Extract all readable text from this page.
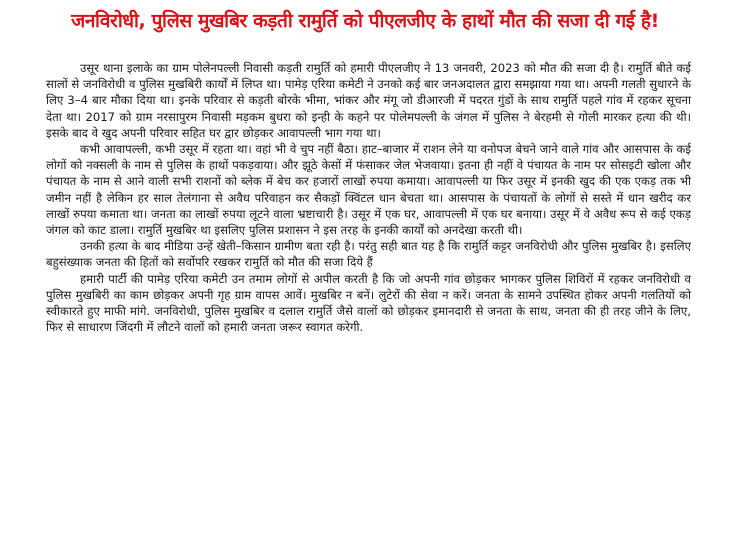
जनविरोधी, पुलिस मुखबिर कड़ती रामुर्ति को पीएलजीए के हाथों मौत की सजा दी गई है!

उसूर थाना इलाके का ग्राम पोलेनपल्ली निवासी कड़ती रामुर्ति को हमारी पीएलजीए ने 13 जनवरी, 2023 को मौत की सजा दी है। रामुर्ति बीते कई सालों से जनविरोधी व पुलिस मुखबिरी कार्यों में लिप्त था। पामेड़ एरिया कमेटी ने उनको कई बार जनअदालत द्वारा समझाया गया था। अपनी गलती सुधारने के लिए 3–4 बार मौका दिया था। इनके परिवार से कड़ती बोरके भीमा, भांकर और मंगू जो डीआरजी में पदरत गुंडों के साथ रामुर्ति पहले गांव में रहकर सूचना देता था। 2017 को ग्राम नरसापुरम निवासी मड़कम बुधरा को इन्ही के कहने पर पोलेमपल्ली के जंगल में पुलिस ने बेरहमी से गोली मारकर हत्या की थी। इसके बाद वे खुद अपनी परिवार सहित घर द्वार छोड़कर आवापल्ली भाग गया था।

कभी आवापल्ली, कभी उसूर में रहता था। वहां भी वे चुप नहीं बैठा। हाट–बाजार में राशन लेने या वनोपज बेचने जाने वाले गांव और आसपास के कई लोगों को नक्सली के नाम से पुलिस के हाथों पकड़वाया। और झूठे केसों में फंसाकर जेल भेजवाया। इतना ही नहीं वे पंचायत के नाम पर सोसइटी खोला और पंचायत के नाम से आने वाली सभी राशनों को ब्लेक में बेच कर हजारों लाखों रुपया कमाया। आवापल्ली या फिर उसूर में इनकी खुद की एक एकड़ तक भी जमीन नहीं है लेकिन हर साल तेलंगाना से अवैध परिवाहन कर सैकड़ों क्विंटल धान बेचता था। आसपास के पंचायतों के लोगों से सस्ते में धान खरीद कर लाखों रुपया कमाता था। जनता का लाखों रुपया लूटने वाला भ्रष्टाचारी है। उसूर में एक घर, आवापल्ली में एक घर बनाया। उसूर में वे अवैध रूप से कई एकड़ जंगल को काट डाला। रामुर्ति मुखबिर था इसलिए पुलिस प्रशासन ने इस तरह के इनकी कार्यों को अनदेखा करती थी।

उनकी हत्या के बाद मीडिया उन्हें खेती–किसान ग्रामीण बता रही है। परंतु सही बात यह है कि रामुर्ति कट्टर जनविरोधी और पुलिस मुखबिर है। इसलिए बहुसंख्याक जनता की हितों को सर्वोपरि रखकर रामुर्ति को मौत की सजा दिये हैं

हमारी पार्टी की पामेड़ एरिया कमेटी उन तमाम लोगों से अपील करती है कि जो अपनी गांव छोड़कर भागकर पुलिस शिविरों में रहकर जनविरोधी व पुलिस मुखबिरी का काम छोड़कर अपनी गृह ग्राम वापस आवें। मुखबिर न बनें। लुटेरों की सेवा न करें। जनता के सामने उपस्थित होकर अपनी गलतियों को स्वीकारते हुए माफी मांगे. जनविरोधी, पुलिस मुखबिर व दलाल रामुर्ति जैसे वालों को छोड़कर इमानदारी से जनता के साथ, जनता की ही तरह जीने के लिए, फिर से साधारण जिंदगी में लौटने वालों को हमारी जनता जरूर स्वागत करेगी.
